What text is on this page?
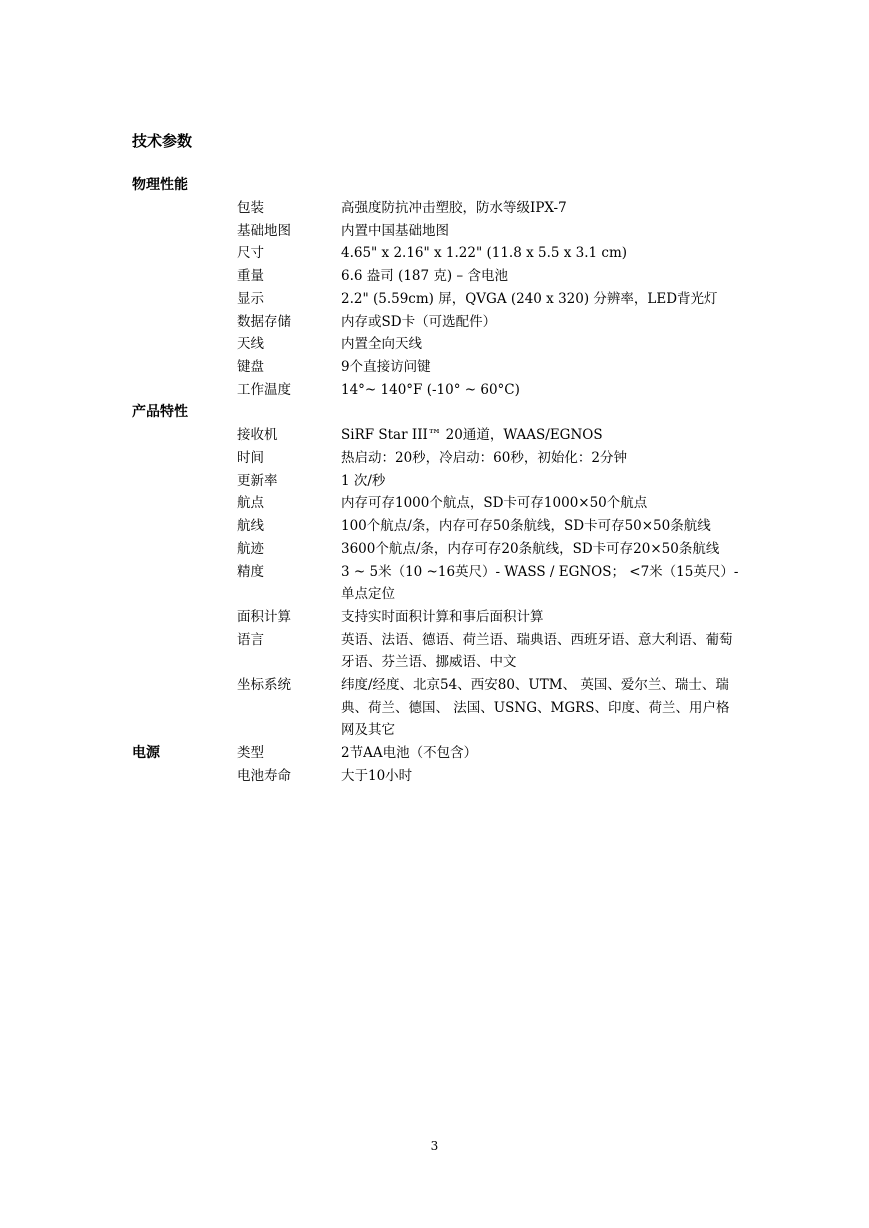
技术参数
物理性能
包装	高强度防抗冲击塑胶，防水等级IPX-7
基础地图	内置中国基础地图
尺寸	4.65" x 2.16" x 1.22" (11.8 x 5.5 x 3.1 cm)
重量	6.6 盎司 (187 克) – 含电池
显示	2.2" (5.59cm) 屏，QVGA (240 x 320) 分辨率，LED背光灯
数据存储	内存或SD卡（可选配件）
天线	内置全向天线
键盘	9个直接访问键
工作温度	14°~ 140°F (-10° ~ 60°C)
产品特性
接收机	SiRF Star III™ 20通道，WAAS/EGNOS
时间	热启动：20秒，冷启动：60秒，初始化：2分钟
更新率	1 次/秒
航点	内存可存1000个航点，SD卡可存1000×50个航点
航线	100个航点/条，内存可存50条航线，SD卡可存50×50条航线
航迹	3600个航点/条，内存可存20条航线，SD卡可存20×50条航线
精度	3 ~ 5米（10 ~16英尺）- WASS / EGNOS； <7米（15英尺）- 单点定位
面积计算	支持实时面积计算和事后面积计算
语言	英语、法语、德语、荷兰语、瑞典语、西班牙语、意大利语、葡萄牙语、芬兰语、挪威语、中文
坐标系统	纬度/经度、北京54、西安80、UTM、 英国、爱尔兰、瑞士、瑞典、荷兰、德国、 法国、USNG、MGRS、印度、荷兰、用户格网及其它
电源	类型	2节AA电池（不包含）
电池寿命	大于10小时
3
